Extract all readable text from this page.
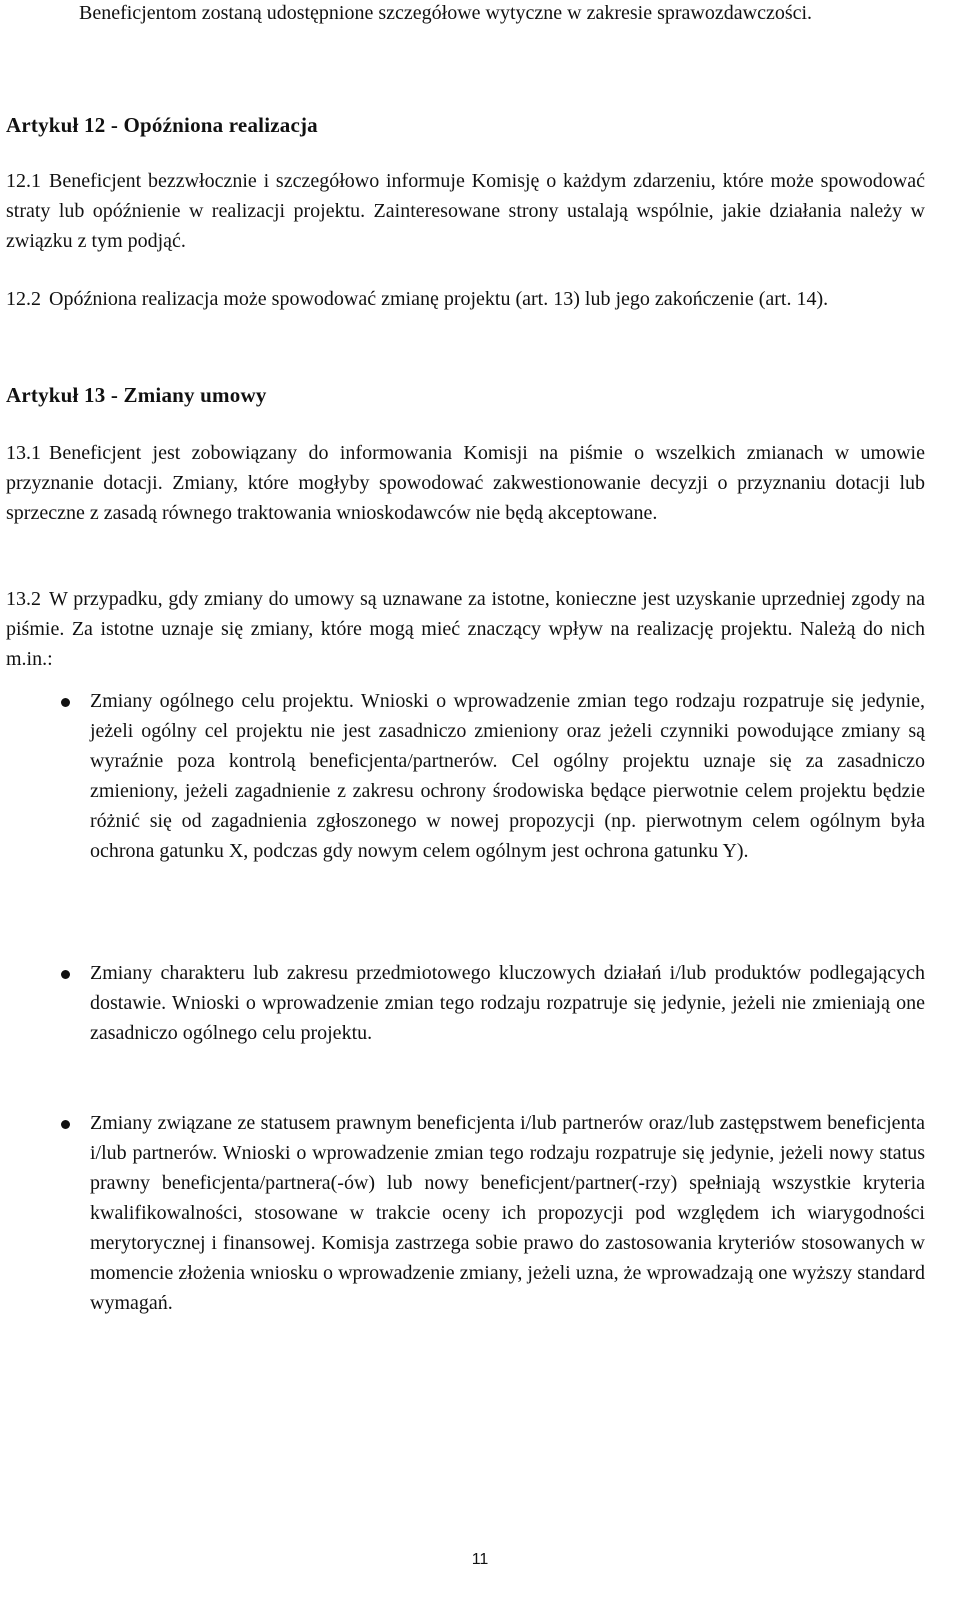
Beneficjentom zostaną udostępnione szczegółowe wytyczne w zakresie sprawozdawczości.

Artykuł 12 - Opóźniona realizacja

12.1 Beneficjent bezzwłocznie i szczegółowo informuje Komisję o każdym zdarzeniu, które może spowodować straty lub opóźnienie w realizacji projektu. Zainteresowane strony ustalają wspólnie, jakie działania należy w związku z tym podjąć.

12.2 Opóźniona realizacja może spowodować zmianę projektu (art. 13) lub jego zakończenie (art. 14).

Artykuł 13 - Zmiany umowy

13.1 Beneficjent jest zobowiązany do informowania Komisji na piśmie o wszelkich zmianach w umowie przyznanie dotacji. Zmiany, które mogłyby spowodować zakwestionowanie decyzji o przyznaniu dotacji lub sprzeczne z zasadą równego traktowania wnioskodawców nie będą akceptowane.

13.2 W przypadku, gdy zmiany do umowy są uznawane za istotne, konieczne jest uzyskanie uprzedniej zgody na piśmie. Za istotne uznaje się zmiany, które mogą mieć znaczący wpływ na realizację projektu. Należą do nich m.in.:

Zmiany ogólnego celu projektu. Wnioski o wprowadzenie zmian tego rodzaju rozpatruje się jedynie, jeżeli ogólny cel projektu nie jest zasadniczo zmieniony oraz jeżeli czynniki powodujące zmiany są wyraźnie poza kontrolą beneficjenta/partnerów. Cel ogólny projektu uznaje się za zasadniczo zmieniony, jeżeli zagadnienie z zakresu ochrony środowiska będące pierwotnie celem projektu będzie różnić się od zagadnienia zgłoszonego w nowej propozycji (np. pierwotnym celem ogólnym była ochrona gatunku X, podczas gdy nowym celem ogólnym jest ochrona gatunku Y).
Zmiany charakteru lub zakresu przedmiotowego kluczowych działań i/lub produktów podlegających dostawie. Wnioski o wprowadzenie zmian tego rodzaju rozpatruje się jedynie, jeżeli nie zmieniają one zasadniczo ogólnego celu projektu.
Zmiany związane ze statusem prawnym beneficjenta i/lub partnerów oraz/lub zastępstwem beneficjenta i/lub partnerów. Wnioski o wprowadzenie zmian tego rodzaju rozpatruje się jedynie, jeżeli nowy status prawny beneficjenta/partnera(-ów) lub nowy beneficjent/partner(-rzy) spełniają wszystkie kryteria kwalifikowalności, stosowane w trakcie oceny ich propozycji pod względem ich wiarygodności merytorycznej i finansowej. Komisja zastrzega sobie prawo do zastosowania kryteriów stosowanych w momencie złożenia wniosku o wprowadzenie zmiany, jeżeli uzna, że wprowadzają one wyższy standard wymagań.
11
